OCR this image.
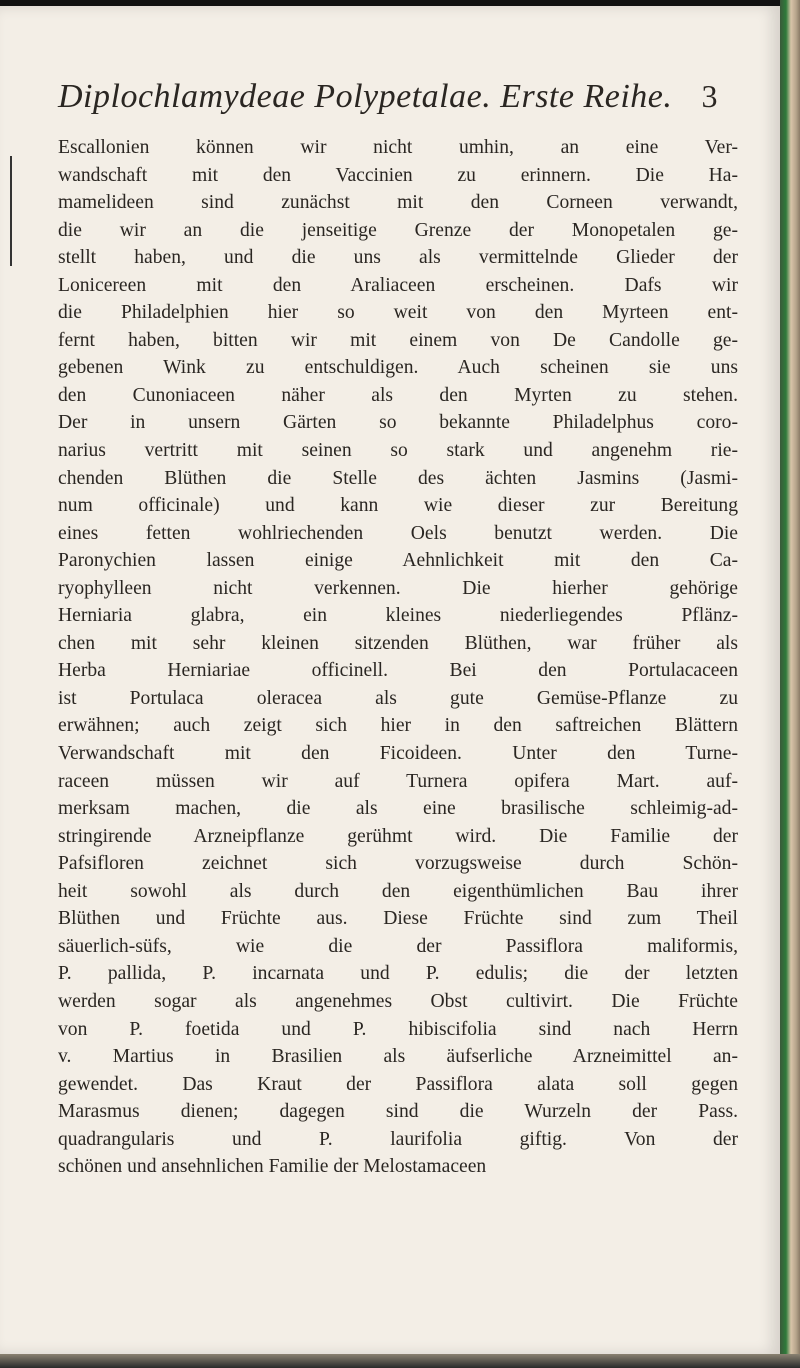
Diplochlamydeae Polypetalae. Erste Reihe. 3
Escallonien können wir nicht umhin, an eine Ver-
wandschaft mit den Vaccinien zu erinnern. Die Ha-
mamelideen sind zunächst mit den Corneen verwandt,
die wir an die jenseitige Grenze der Monopetalen ge-
stellt haben, und die uns als vermittelnde Glieder der
Lonicereen mit den Araliaceen erscheinen. Dafs wir
die Philadelphien hier so weit von den Myrteen ent-
fernt haben, bitten wir mit einem von De Candolle ge-
gebenen Wink zu entschuldigen. Auch scheinen sie uns
den Cunoniaceen näher als den Myrten zu stehen.
Der in unsern Gärten so bekannte Philadelphus coro-
narius vertritt mit seinen so stark und angenehm rie-
chenden Blüthen die Stelle des ächten Jasmins (Jasmi-
num officinale) und kann wie dieser zur Bereitung
eines fetten wohlriechenden Oels benutzt werden. Die
Paronychien lassen einige Aehnlichkeit mit den Ca-
ryophylleen nicht verkennen. Die hierher gehörige
Herniaria glabra, ein kleines niederliegendes Pflänz-
chen mit sehr kleinen sitzenden Blüthen, war früher als
Herba Herniariae officinell. Bei den Portulacaceen
ist Portulaca oleracea als gute Gemüse-Pflanze zu
erwähnen; auch zeigt sich hier in den saftreichen Blättern
Verwandschaft mit den Ficoideen. Unter den Turne-
raceen müssen wir auf Turnera opifera Mart. auf-
merksam machen, die als eine brasilische schleimig-ad-
stringirende Arzneipflanze gerühmt wird. Die Familie der
Pafsifloren zeichnet sich vorzugsweise durch Schön-
heit sowohl als durch den eigenthümlichen Bau ihrer
Blüthen und Früchte aus. Diese Früchte sind zum Theil
säuerlich-süfs, wie die der Passiflora maliformis,
P. pallida, P. incarnata und P. edulis; die der letzten
werden sogar als angenehmes Obst cultivirt. Die Früchte
von P. foetida und P. hibiscifolia sind nach Herrn
v. Martius in Brasilien als äufserliche Arzneimittel an-
gewendet. Das Kraut der Passiflora alata soll gegen
Marasmus dienen; dagegen sind die Wurzeln der Pass.
quadrangularis und P. laurifolia giftig. Von der
schönen und ansehnlichen Familie der Melostamaceen
